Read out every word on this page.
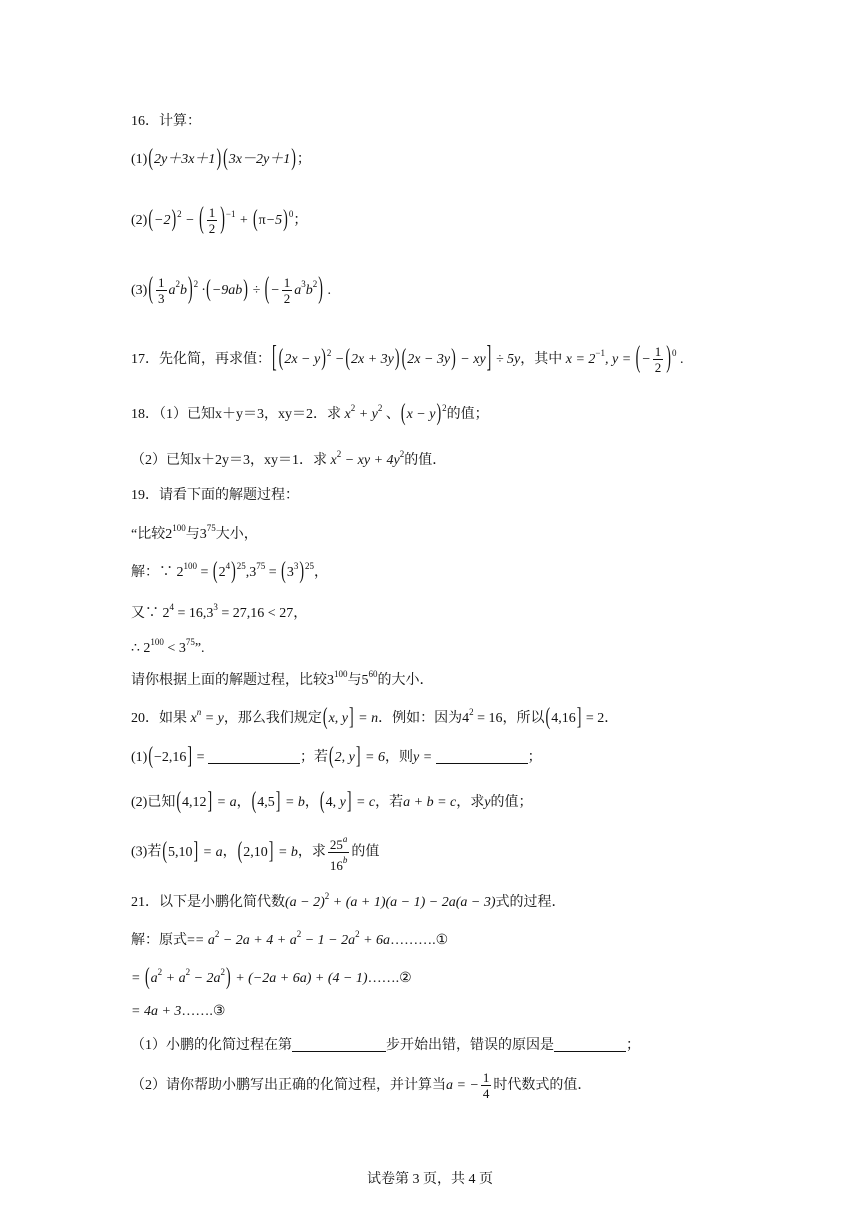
16．计算：
(1)(2y＋3x＋1) (3x－2y＋1)；
$(2)(-2)^2$ − ( $\frac{1}{2} )^{-1} + (\pi-5)^0$；
$(3)( \frac{1}{3} a^2b)^2 \cdot(-9ab)$ ÷ (− $\frac{1}{2} a^3b^2$) .
17．先化简，再求值：[ $(2x - y)^2 -(2x + 3y)$ (2x − 3y) − xy] ÷ 5y，其中 $x = 2^{-1}$, y = (− $\frac{1}{2} )^0$ .
18．（1）已知x＋y＝3，xy＝2．求 $x^2 + y^2$ 、$(x - y)^2$的值；
（2）已知x＋2y＝3，xy＝1．求 $x^2$ − xy + $4y^2$的值．
19．请看下面的解题过程：
“比较$2^{100}$与$3^{75}$大小，
解：∵ $2^{100} = (2^4)^{25},3^{75} = (3^3)^{25}$，
又∵ $2^4 = 16,3^3 = 27,16 < 27$，
∴ $2^{100} < 3^{75}$”.
请你根据上面的解题过程，比较$3^{100}$与$5^{60}$的大小．
20．如果 $x^n = y$，那么我们规定(x, y] = n．例如：因为$4^2 = 16$，所以(4,16] = 2．
(1)(−2,16] =	；若(2, y] = 6，则y =	；
(2)已知(4,12] = a，(4,5] = b，(4, y] = c，若a + b = c，求y的值；
(3)若(5,10] = a，(2,10] = b，求 $\frac{25^a}{16^b}$ 的值
21．以下是小鹏化简代数$(a - 2)^2 + (a + 1)(a - 1) - 2a(a - 3)$式的过程．
解：原式== $a^2 - 2a + 4 + a^2 - 1 - 2a^2$ + 6a……….①
= $(a^2 + a^2 - 2a^2) + (-2a + 6a) + (4$ − 1)…….②
= 4a + 3…….③
（1）小鹏的化简过程在第	步开始出错，错误的原因是	；
（2）请你帮助小鹏写出正确的化简过程，并计算当a = − $\frac{1}{4}$ 时代数式的值．
试卷第 3 页，共 4 页
